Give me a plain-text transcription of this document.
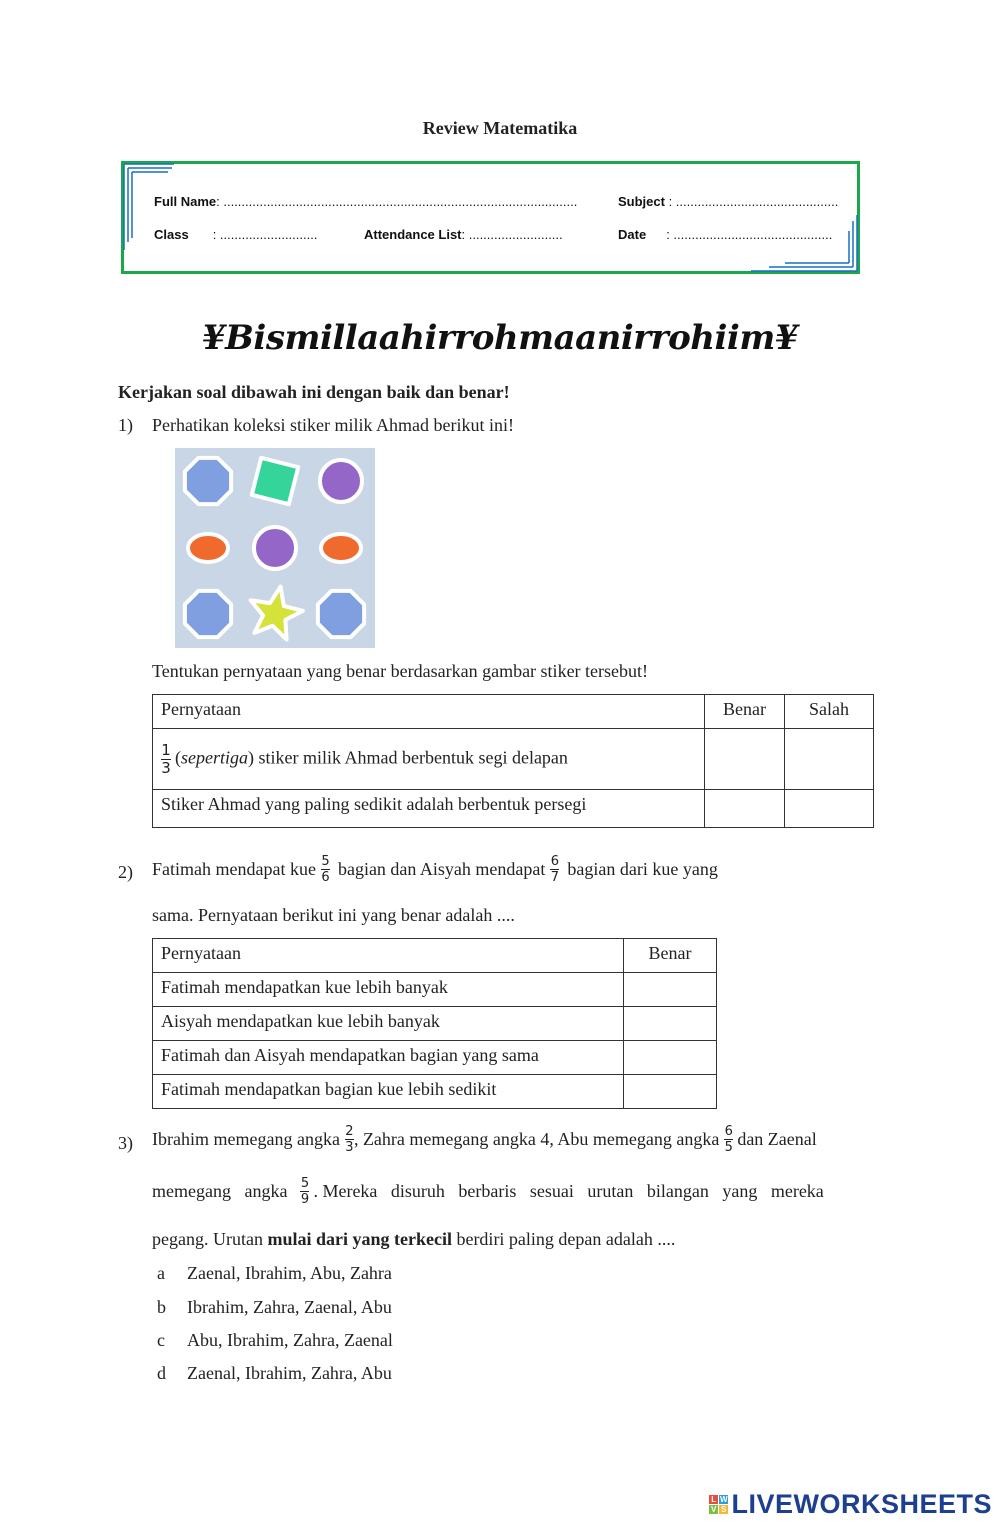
Review Matematika
Full Name: ..................................................................................................	Subject : .............................................
Class : ...........................	Attendance List: ..........................	Date : ............................................
¥Bismillaahirrohmaanirrohiim¥
Kerjakan soal dibawah ini dengan baik dan benar!
1) Perhatikan koleksi stiker milik Ahmad berikut ini!
Tentukan pernyataan yang benar berdasarkan gambar stiker tersebut!
Pernyataan	Benar	Salah

$\frac{1}{3}$ (sepertiga) stiker milik Ahmad berbentuk segi delapan		
Stiker Ahmad yang paling sedikit adalah berbentuk persegi		
2) Fatimah mendapat kue $\frac{5}{6}$ bagian dan Aisyah mendapat $\frac{6}{7}$ bagian dari kue yang
sama. Pernyataan berikut ini yang benar adalah ....
Pernyataan	Benar
Fatimah mendapatkan kue lebih banyak	
Aisyah mendapatkan kue lebih banyak	
Fatimah dan Aisyah mendapatkan bagian yang sama	
Fatimah mendapatkan bagian kue lebih sedikit	
3) Ibrahim memegang angka $\frac{2}{3}$ , Zahra memegang angka 4, Abu memegang angka $\frac{6}{5}$ dan Zaenal
memegang   angka $\frac{5}{9}$ . Mereka   disuruh   berbaris   sesuai   urutan   bilangan   yang   mereka
pegang. Urutan mulai dari yang terkecil berdiri paling depan adalah ....
a Zaenal, Ibrahim, Abu, Zahra
b Ibrahim, Zahra, Zaenal, Abu
c Abu, Ibrahim, Zahra, Zaenal
d Zaenal, Ibrahim, Zahra, Abu
L W
V S LIVEWORKSHEETS
